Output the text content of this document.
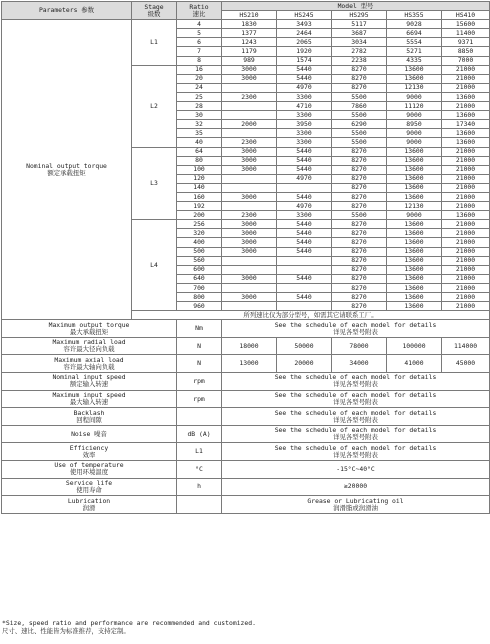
Parameters 参数	Stage
级数	Ratio
速比	Model 型号				
			HS210	HS245	HS295	HS355	HS410

Nominal output torque
额定承载扭矩	L1	4	1830	3493	5117	9028	15600
		5	1377	2464	3687	6694	11400
		6	1243	2065	3034	5554	9371
		7	1179	1920	2782	5271	8850
		8	989	1574	2238	4335	7000
	L2	16	3000	5440	8270	13600	21000
		20	3000	5440	8270	13600	21000
		24		4970	8270	12130	21000
		25	2300	3300	5500	9000	13600
		28		4710	7860	11120	21000
		30		3300	5500	9000	13600
		32	2000	3950	6290	8950	17340
		35		3300	5500	9000	13600
		40	2300	3300	5500	9000	13600
	L3	64	3000	5440	8270	13600	21000
		80	3000	5440	8270	13600	21000
		100	3000	5440	8270	13600	21000
		120		4970	8270	13600	21000
		140			8270	13600	21000
		160	3000	5440	8270	13600	21000
		192		4970	8270	12130	21000
		200	2300	3300	5500	9000	13600
	L4	256	3000	5440	8270	13600	21000
		320	3000	5440	8270	13600	21000
		400	3000	5440	8270	13600	21000
		500	3000	5440	8270	13600	21000
		560			8270	13600	21000
		600			8270	13600	21000
		640	3000	5440	8270	13600	21000
		700			8270	13600	21000
		800	3000	5440	8270	13600	21000
		960			8270	13600	21000
	所列速比仅为部分型号，如需其它请联系工厂。						

Maximum output torque
最大承载扭矩		Nm	See the schedule of each model for details
详见各型号附表				

Maximum radial load
容许最大径向负载		N	18000	50000	78000	100000	114000

Maximum axial load
容许最大轴向负载		N	13000	20000	34000	41000	45000

Nominal input speed
额定输入转速		rpm	See the schedule of each model for details
详见各型号附表				

Maximum input speed
最大输入转速		rpm	See the schedule of each model for details
详见各型号附表				

Backlash
回程间隙			See the schedule of each model for details
详见各型号附表				

Noise 噪音		dB (A)	See the schedule of each model for details
详见各型号附表				

Efficiency
效率		L1	See the schedule of each model for details
详见各型号附表				

Use of temperature
使用环境温度		°C	-15°C~40°C				

Service life
使用寿命		h	≥20000				

Lubrication
润滑			Grease or Lubricating oil
润滑脂或润滑油				
*Size, speed ratio and performance are recommended and customized.
尺寸、速比、性能皆为标准推荐，支持定制。
